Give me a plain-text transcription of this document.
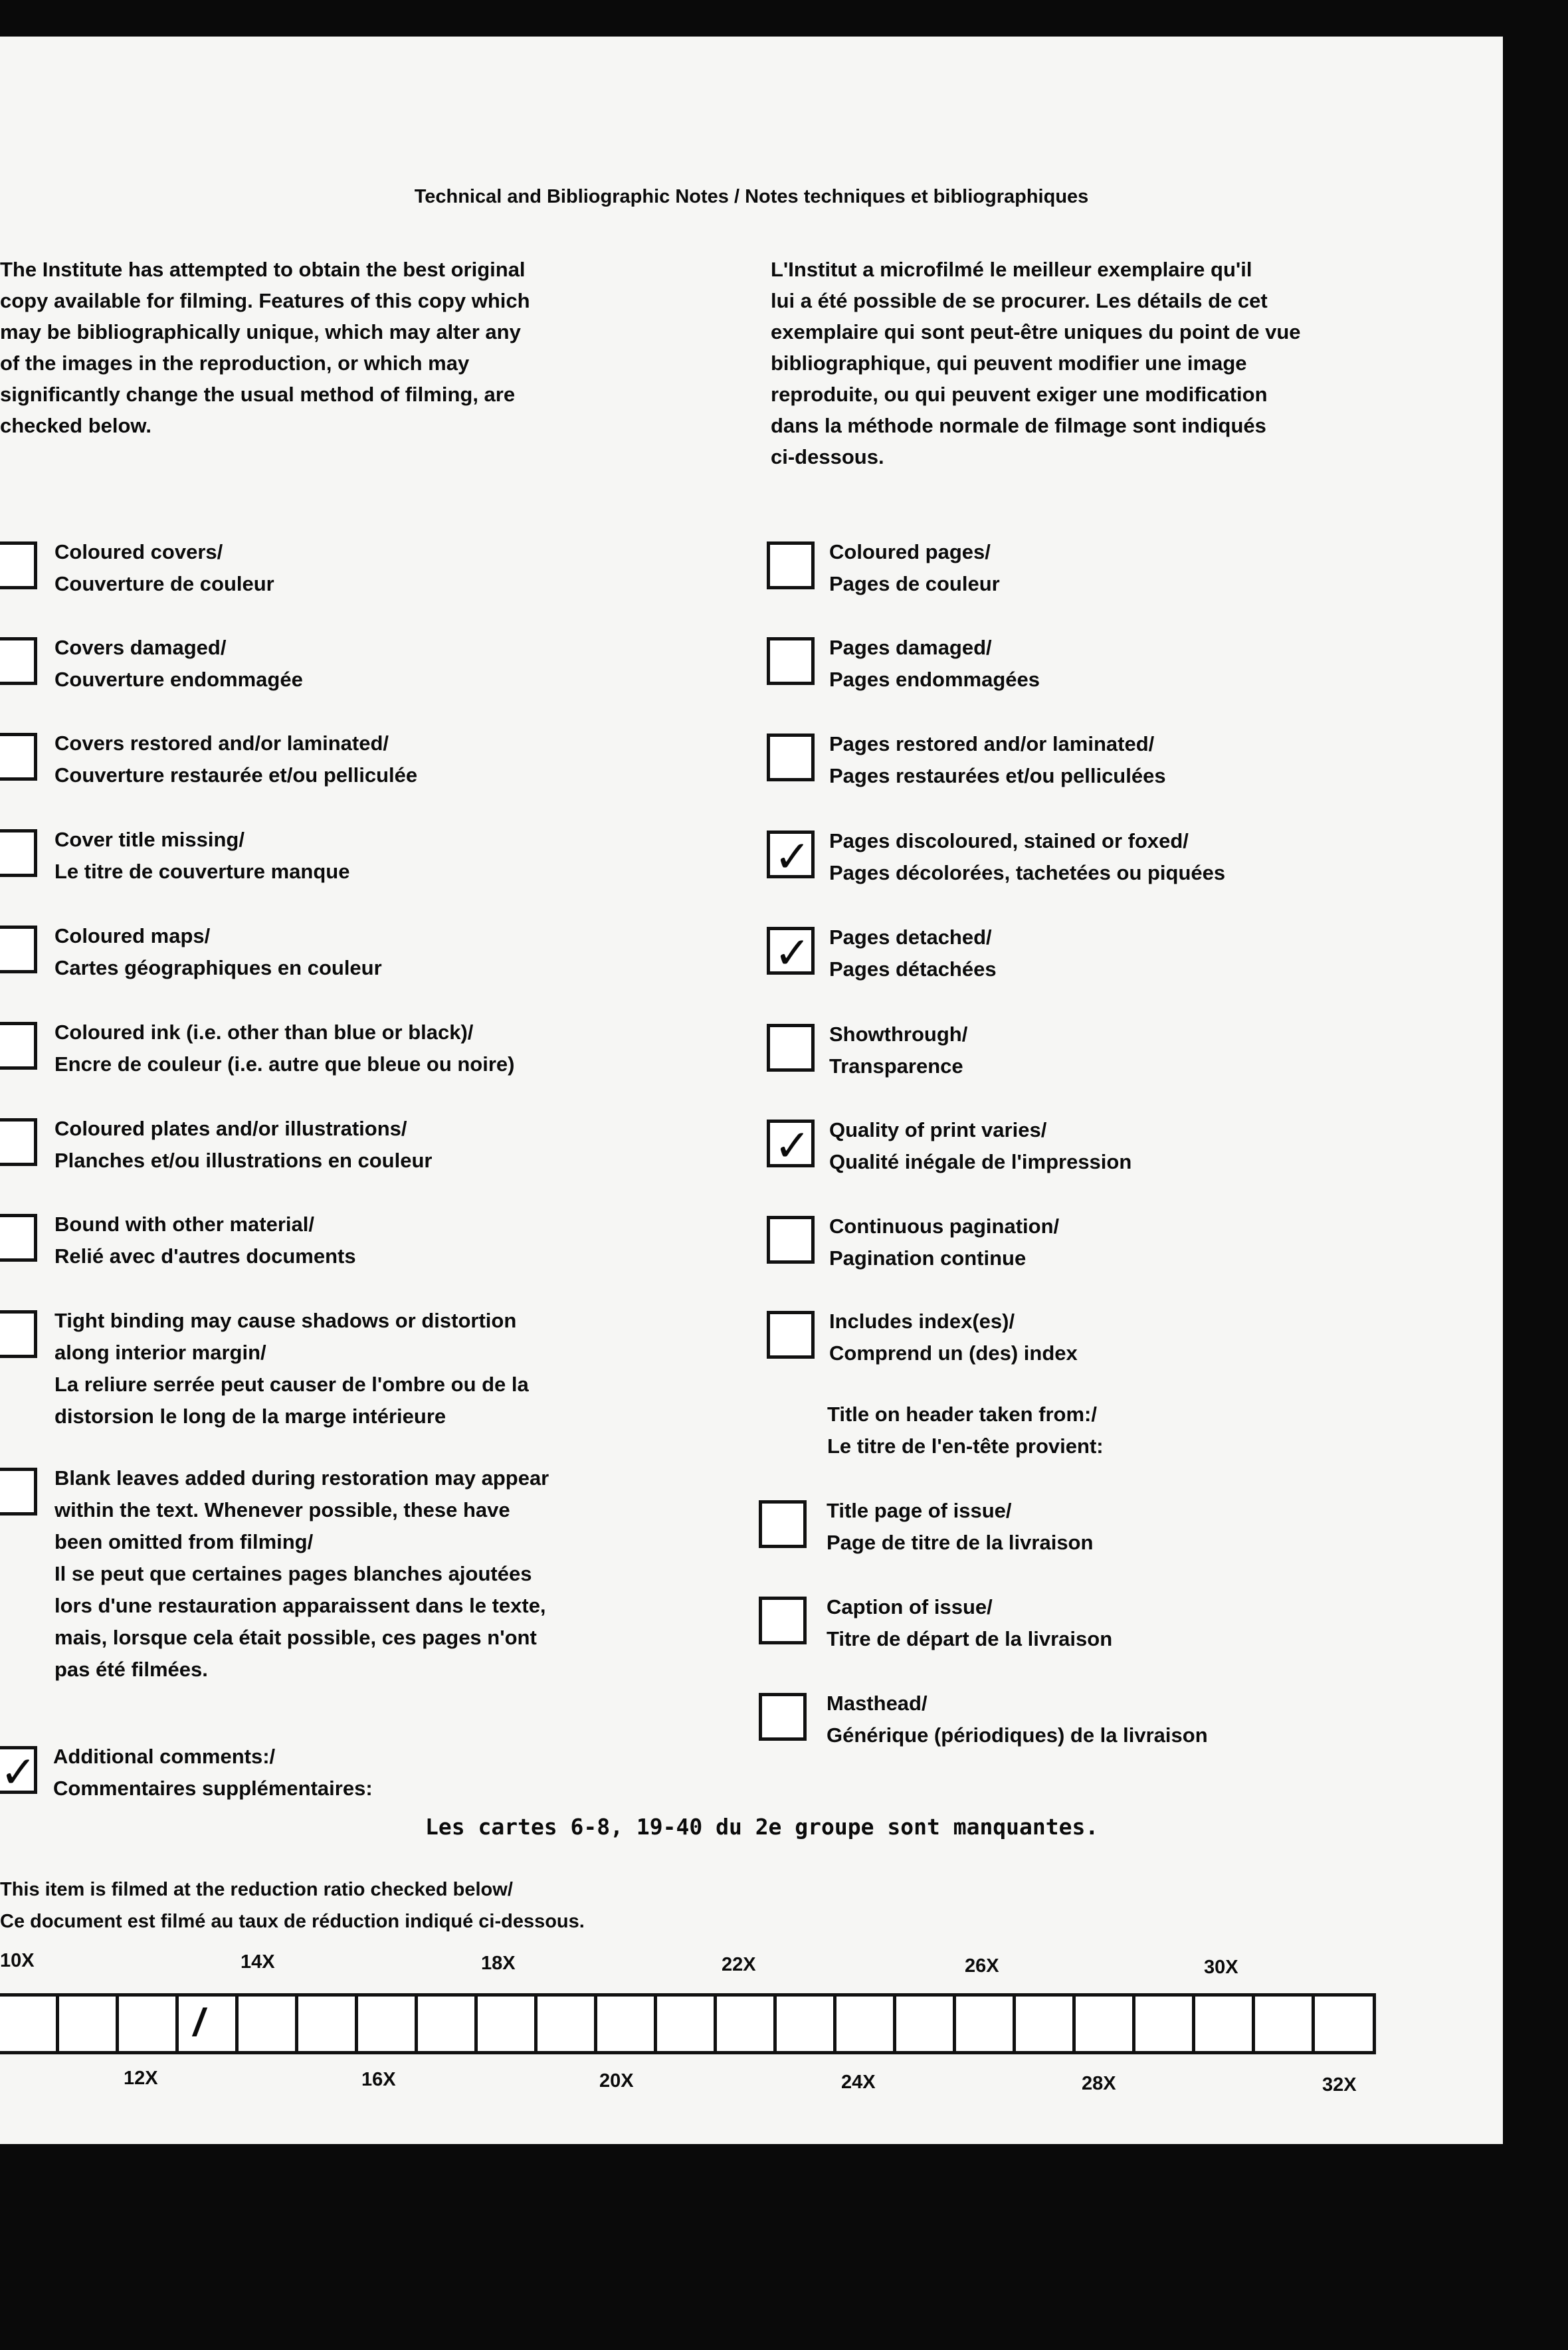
Technical and Bibliographic Notes / Notes techniques et bibliographiques
The Institute has attempted to obtain the best original
copy available for filming. Features of this copy which
may be bibliographically unique, which may alter any
of the images in the reproduction, or which may
significantly change the usual method of filming, are
checked below.
L'Institut a microfilmé le meilleur exemplaire qu'il
lui a été possible de se procurer. Les détails de cet
exemplaire qui sont peut-être uniques du point de vue
bibliographique, qui peuvent modifier une image
reproduite, ou qui peuvent exiger une modification
dans la méthode normale de filmage sont indiqués
ci-dessous.
Coloured covers/
Couverture de couleur
Covers damaged/
Couverture endommagée
Covers restored and/or laminated/
Couverture restaurée et/ou pelliculée
Cover title missing/
Le titre de couverture manque
Coloured maps/
Cartes géographiques en couleur
Coloured ink (i.e. other than blue or black)/
Encre de couleur (i.e. autre que bleue ou noire)
Coloured plates and/or illustrations/
Planches et/ou illustrations en couleur
Bound with other material/
Relié avec d'autres documents
Tight binding may cause shadows or distortion
along interior margin/
La reliure serrée peut causer de l'ombre ou de la
distorsion le long de la marge intérieure
Blank leaves added during restoration may appear
within the text. Whenever possible, these have
been omitted from filming/
Il se peut que certaines pages blanches ajoutées
lors d'une restauration apparaissent dans le texte,
mais, lorsque cela était possible, ces pages n'ont
pas été filmées.
Coloured pages/
Pages de couleur
Pages damaged/
Pages endommagées
Pages restored and/or laminated/
Pages restaurées et/ou pelliculées
✓ Pages discoloured, stained or foxed/
Pages décolorées, tachetées ou piquées
✓ Pages detached/
Pages détachées
Showthrough/
Transparence
✓ Quality of print varies/
Qualité inégale de l'impression
Continuous pagination/
Pagination continue
Includes index(es)/
Comprend un (des) index
Title page of issue/
Page de titre de la livraison
Caption of issue/
Titre de départ de la livraison
Masthead/
Générique (périodiques) de la livraison
✓ Additional comments:/
Commentaires supplémentaires:
Title on header taken from:/
Le titre de l'en-tête provient:
Les cartes 6-8, 19-40 du 2e groupe sont manquantes.
This item is filmed at the reduction ratio checked below/
Ce document est filmé au taux de réduction indiqué ci-dessous.
10X	14X	18X	22X	26X	30X
12X	16X	20X	24X	28X	32X
/
